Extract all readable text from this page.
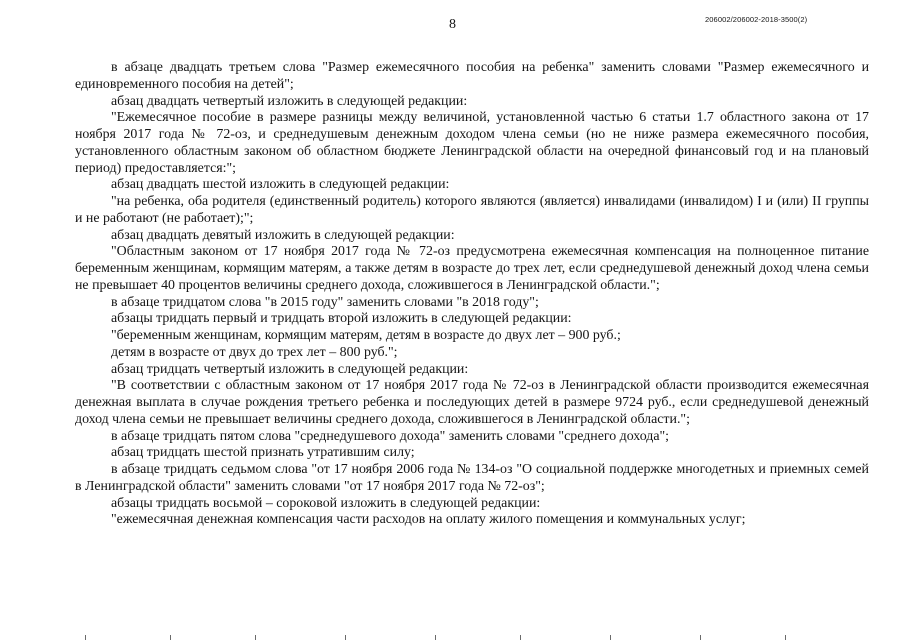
8	206002/206002-2018-3500(2)

в абзаце двадцать третьем слова "Размер ежемесячного пособия на ребенка" заменить словами "Размер ежемесячного и единовременного пособия на детей";

абзац двадцать четвертый изложить в следующей редакции:

"Ежемесячное пособие в размере разницы между величиной, установленной частью 6 статьи 1.7 областного закона от 17 ноября 2017 года № 72-оз, и среднедушевым денежным доходом члена семьи (но не ниже размера ежемесячного пособия, установленного областным законом об областном бюджете Ленинградской области на очередной финансовый год и на плановый период) предоставляется:";

абзац двадцать шестой изложить в следующей редакции:

"на ребенка, оба родителя (единственный родитель) которого являются (является) инвалидами (инвалидом) I и (или) II группы и не работают (не работает);";

абзац двадцать девятый изложить в следующей редакции:

"Областным законом от 17 ноября 2017 года № 72-оз предусмотрена ежемесячная компенсация на полноценное питание беременным женщинам, кормящим матерям, а также детям в возрасте до трех лет, если среднедушевой денежный доход члена семьи не превышает 40 процентов величины среднего дохода, сложившегося в Ленинградской области.";

в абзаце тридцатом слова "в 2015 году" заменить словами "в 2018 году";

абзацы тридцать первый и тридцать второй изложить в следующей редакции:

"беременным женщинам, кормящим матерям, детям в возрасте до двух лет – 900 руб.;

детям в возрасте от двух до трех лет – 800 руб.";

абзац тридцать четвертый изложить в следующей редакции:

"В соответствии с областным законом от 17 ноября 2017 года № 72-оз в Ленинградской области производится ежемесячная денежная выплата в случае рождения третьего ребенка и последующих детей в размере 9724 руб., если среднедушевой денежный доход члена семьи не превышает величины среднего дохода, сложившегося в Ленинградской области.";

в абзаце тридцать пятом слова "среднедушевого дохода" заменить словами "среднего дохода";

абзац тридцать шестой признать утратившим силу;

в абзаце тридцать седьмом слова "от 17 ноября 2006 года № 134-оз "О социальной поддержке многодетных и приемных семей в Ленинградской области" заменить словами "от 17 ноября 2017 года № 72-оз";

абзацы тридцать восьмой – сороковой изложить в следующей редакции:

"ежемесячная денежная компенсация части расходов на оплату жилого помещения и коммунальных услуг;
